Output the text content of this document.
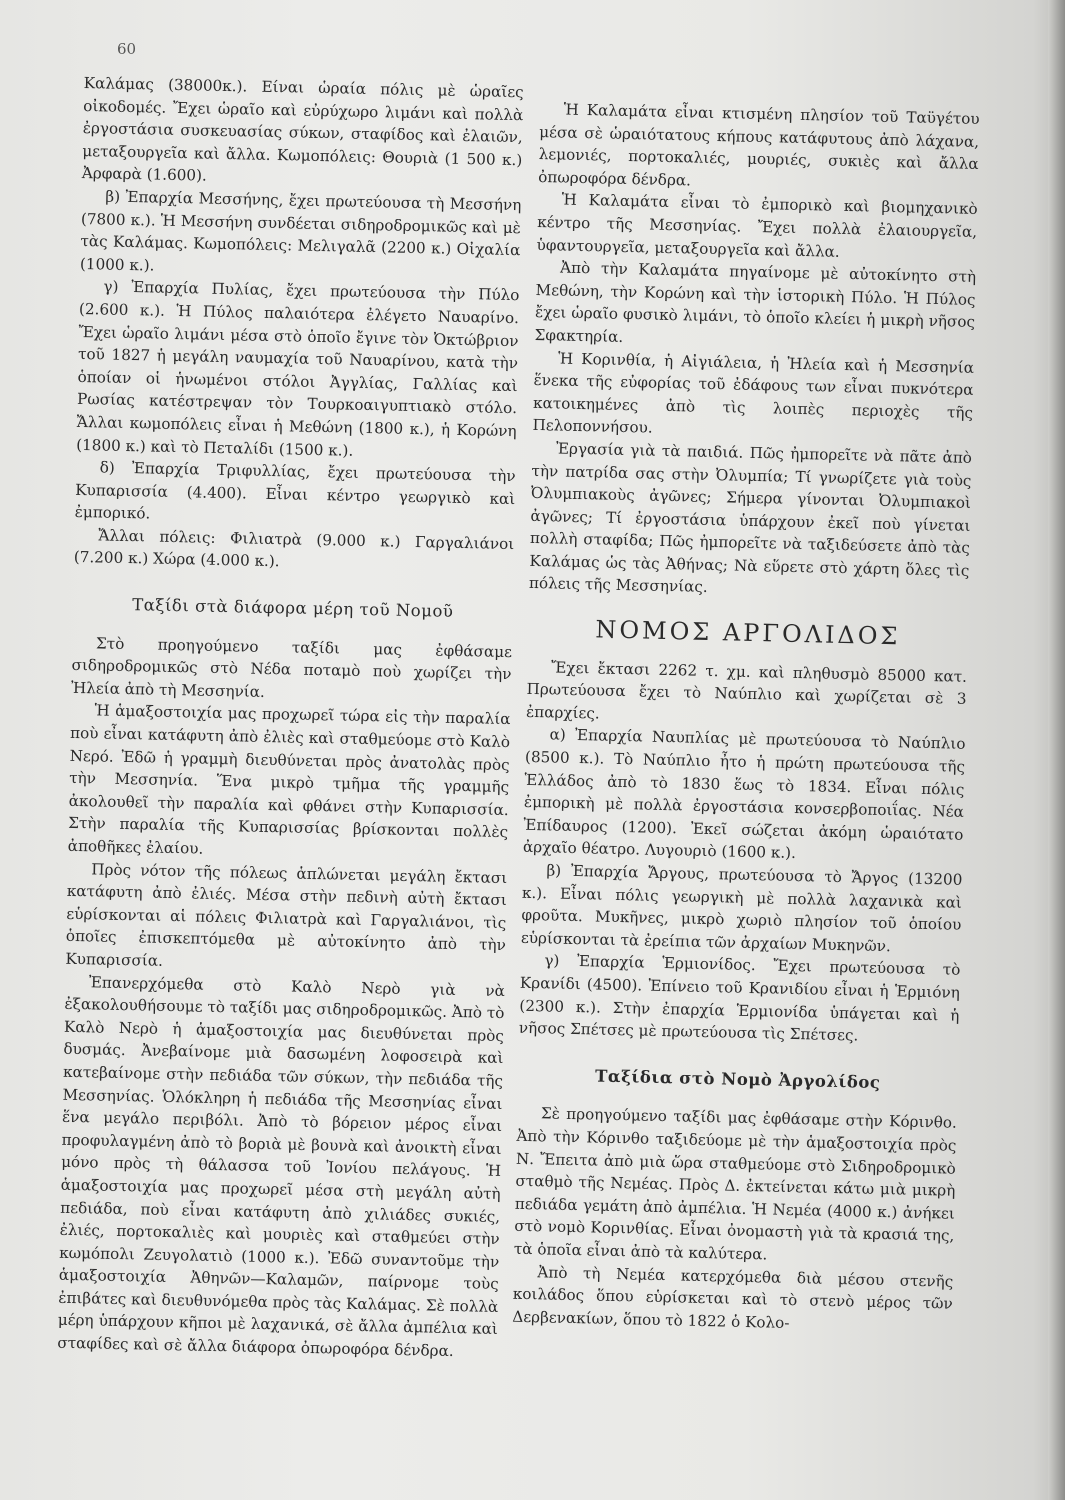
60

Καλάμας (38000κ.). Είναι ὡραία πόλις μὲ ὡραῖες οἰκοδομές. Ἔχει ὡραῖο καὶ εὐρύχωρο λιμάνι καὶ πολλὰ ἐργοστάσια συσκευασίας σύκων, σταφίδος καὶ ἐλαιῶν, μεταξουργεῖα καὶ ἄλλα. Κωμοπόλεις: Θουριὰ (1 500 κ.) Ἀρφαρὰ (1.600).

β) Ἐπαρχία Μεσσήνης, ἔχει πρωτεύουσα τὴ Μεσσήνη (7800 κ.). Ἡ Μεσσήνη συνδέεται σιδηροδρομικῶς καὶ μὲ τὰς Καλάμας. Κωμοπόλεις: Μελιγαλᾶ (2200 κ.) Οἰχαλία (1000 κ.).

γ) Ἐπαρχία Πυλίας, ἔχει πρωτεύουσα τὴν Πύλο (2.600 κ.). Ἡ Πύλος παλαιότερα ἐλέγετο Ναυαρίνο. Ἔχει ὡραῖο λιμάνι μέσα στὸ ὁποῖο ἔγινε τὸν Ὀκτώβριον τοῦ 1827 ἡ μεγάλη ναυμαχία τοῦ Ναυαρίνου, κατὰ τὴν ὁποίαν οἱ ἡνωμένοι στόλοι Ἀγγλίας, Γαλλίας καὶ Ρωσίας κατέστρεψαν τὸν Τουρκοαιγυπτιακὸ στόλο. Ἄλλαι κωμοπόλεις εἶναι ἡ Μεθώνη (1800 κ.), ἡ Κορώνη (1800 κ.) καὶ τὸ Πεταλίδι (1500 κ.).

δ) Ἐπαρχία Τριφυλλίας, ἔχει πρωτεύουσα τὴν Κυπαρισσία (4.400). Εἶναι κέντρο γεωργικὸ καὶ ἐμπορικό.

Ἄλλαι πόλεις: Φιλιατρὰ (9.000 κ.) Γαργαλιάνοι (7.200 κ.) Χώρα (4.000 κ.).

Ταξίδι στὰ διάφορα μέρη τοῦ Νομοῦ

Στὸ προηγούμενο ταξίδι μας ἐφθάσαμε σιδηροδρομικῶς στὸ Νέδα ποταμὸ ποὺ χωρίζει τὴν Ἠλεία ἀπὸ τὴ Μεσσηνία.

Ἡ ἁμαξοστοιχία μας προχωρεῖ τώρα εἰς τὴν παραλία ποὺ εἶναι κατάφυτη ἀπὸ ἐλιὲς καὶ σταθμεύομε στὸ Καλὸ Νερό. Ἐδῶ ἡ γραμμὴ διευθύνεται πρὸς ἀνατολὰς πρὸς τὴν Μεσσηνία. Ἕνα μικρὸ τμῆμα τῆς γραμμῆς ἀκολουθεῖ τὴν παραλία καὶ φθάνει στὴν Κυπαρισσία. Στὴν παραλία τῆς Κυπαρισσίας βρίσκονται πολλὲς ἀποθῆκες ἐλαίου.

Πρὸς νότον τῆς πόλεως ἁπλώνεται μεγάλη ἔκτασι κατάφυτη ἀπὸ ἐλιές. Μέσα στὴν πεδινὴ αὐτὴ ἔκτασι εὑρίσκονται αἱ πόλεις Φιλιατρὰ καὶ Γαργαλιάνοι, τὶς ὁποῖες ἐπισκεπτόμεθα μὲ αὐτοκίνητο ἀπὸ τὴν Κυπαρισσία.

Ἐπανερχόμεθα στὸ Καλὸ Νερὸ γιὰ νὰ ἐξακολουθήσουμε τὸ ταξίδι μας σιδηροδρομικῶς. Ἀπὸ τὸ Καλὸ Νερὸ ἡ ἁμαξοστοιχία μας διευθύνεται πρὸς δυσμάς. Ἀνεβαίνομε μιὰ δασωμένη λοφοσειρὰ καὶ κατεβαίνομε στὴν πεδιάδα τῶν σύκων, τὴν πεδιάδα τῆς Μεσσηνίας. Ὁλόκληρη ἡ πεδιάδα τῆς Μεσσηνίας εἶναι ἕνα μεγάλο περιβόλι. Ἀπὸ τὸ βόρειον μέρος εἶναι προφυλαγμένη ἀπὸ τὸ βοριὰ μὲ βουνὰ καὶ ἀνοικτὴ εἶναι μόνο πρὸς τὴ θάλασσα τοῦ Ἰονίου πελάγους. Ἡ ἁμαξοστοιχία μας προχωρεῖ μέσα στὴ μεγάλη αὐτὴ πεδιάδα, ποὺ εἶναι κατάφυτη ἀπὸ χιλιάδες συκιές, ἐλιές, πορτοκαλιὲς καὶ μουριὲς καὶ σταθμεύει στὴν κωμόπολι Ζευγολατιὸ (1000 κ.). Ἐδῶ συναντοῦμε τὴν ἁμαξοστοιχία Ἀθηνῶν—Καλαμῶν, παίρνομε τοὺς ἐπιβάτες καὶ διευθυνόμεθα πρὸς τὰς Καλάμας. Σὲ πολλὰ μέρη ὑπάρχουν κῆποι μὲ λαχανικά, σὲ ἄλλα ἀμπέλια καὶ σταφίδες καὶ σὲ ἄλλα διάφορα ὀπωροφόρα δένδρα.

Ἡ Καλαμάτα εἶναι κτισμένη πλησίον τοῦ Ταϋγέτου μέσα σὲ ὡραιότατους κήπους κατάφυτους ἀπὸ λάχανα, λεμονιές, πορτοκαλιές, μουριές, συκιὲς καὶ ἄλλα ὀπωροφόρα δένδρα.

Ἡ Καλαμάτα εἶναι τὸ ἐμπορικὸ καὶ βιομηχανικὸ κέντρο τῆς Μεσσηνίας. Ἔχει πολλὰ ἐλαιουργεῖα, ὑφαντουργεῖα, μεταξουργεῖα καὶ ἄλλα.

Ἀπὸ τὴν Καλαμάτα πηγαίνομε μὲ αὐτοκίνητο στὴ Μεθώνη, τὴν Κορώνη καὶ τὴν ἱστορικὴ Πύλο. Ἡ Πύλος ἔχει ὡραῖο φυσικὸ λιμάνι, τὸ ὁποῖο κλείει ἡ μικρὴ νῆσος Σφακτηρία.

Ἡ Κορινθία, ἡ Αἰγιάλεια, ἡ Ἠλεία καὶ ἡ Μεσσηνία ἕνεκα τῆς εὐφορίας τοῦ ἐδάφους των εἶναι πυκνότερα κατοικημένες ἀπὸ τὶς λοιπὲς περιοχὲς τῆς Πελοποννήσου.

Ἐργασία γιὰ τὰ παιδιά. Πῶς ἠμπορεῖτε νὰ πᾶτε ἀπὸ τὴν πατρίδα σας στὴν Ὀλυμπία; Τί γνωρίζετε γιὰ τοὺς Ὀλυμπιακοὺς ἀγῶνες; Σήμερα γίνονται Ὀλυμπιακοὶ ἀγῶνες; Τί ἐργοστάσια ὑπάρχουν ἐκεῖ ποὺ γίνεται πολλὴ σταφίδα; Πῶς ἠμπορεῖτε νὰ ταξιδεύσετε ἀπὸ τὰς Καλάμας ὡς τὰς Ἀθήνας; Νὰ εὕρετε στὸ χάρτη ὅλες τὶς πόλεις τῆς Μεσσηνίας.

ΝΟΜΟΣ ΑΡΓΟΛΙΔΟΣ

Ἔχει ἔκτασι 2262 τ. χμ. καὶ πληθυσμὸ 85000 κατ. Πρωτεύουσα ἔχει τὸ Ναύπλιο καὶ χωρίζεται σὲ 3 ἐπαρχίες.

α) Ἐπαρχία Ναυπλίας μὲ πρωτεύουσα τὸ Ναύπλιο (8500 κ.). Τὸ Ναύπλιο ἦτο ἡ πρώτη πρωτεύουσα τῆς Ἑλλάδος ἀπὸ τὸ 1830 ἕως τὸ 1834. Εἶναι πόλις ἐμπορικὴ μὲ πολλὰ ἐργοστάσια κονσερβοποιΐας. Νέα Ἐπίδαυρος (1200). Ἐκεῖ σώζεται ἀκόμη ὡραιότατο ἀρχαῖο θέατρο. Λυγουριὸ (1600 κ.).

β) Ἐπαρχία Ἄργους, πρωτεύουσα τὸ Ἄργος (13200 κ.). Εἶναι πόλις γεωργικὴ μὲ πολλὰ λαχανικὰ καὶ φροῦτα. Μυκῆνες, μικρὸ χωριὸ πλησίον τοῦ ὁποίου εὑρίσκονται τὰ ἐρείπια τῶν ἀρχαίων Μυκηνῶν.

γ) Ἐπαρχία Ἑρμιονίδος. Ἔχει πρωτεύουσα τὸ Κρανίδι (4500). Ἐπίνειο τοῦ Κρανιδίου εἶναι ἡ Ἑρμιόνη (2300 κ.). Στὴν ἐπαρχία Ἑρμιονίδα ὑπάγεται καὶ ἡ νῆσος Σπέτσες μὲ πρωτεύουσα τὶς Σπέτσες.

Ταξίδια στὸ Νομὸ Ἀργολίδος

Σὲ προηγούμενο ταξίδι μας ἐφθάσαμε στὴν Κόρινθο. Ἀπὸ τὴν Κόρινθο ταξιδεύομε μὲ τὴν ἁμαξοστοιχία πρὸς Ν. Ἔπειτα ἀπὸ μιὰ ὥρα σταθμεύομε στὸ Σιδηροδρομικὸ σταθμὸ τῆς Νεμέας. Πρὸς Δ. ἐκτείνεται κάτω μιὰ μικρὴ πεδιάδα γεμάτη ἀπὸ ἀμπέλια. Ἡ Νεμέα (4000 κ.) ἀνήκει στὸ νομὸ Κορινθίας. Εἶναι ὀνομαστὴ γιὰ τὰ κρασιά της, τὰ ὁποῖα εἶναι ἀπὸ τὰ καλύτερα.

Ἀπὸ τὴ Νεμέα κατερχόμεθα διὰ μέσου στενῆς κοιλάδος ὅπου εὑρίσκεται καὶ τὸ στενὸ μέρος τῶν Δερβενακίων, ὅπου τὸ 1822 ὁ Κολο-
